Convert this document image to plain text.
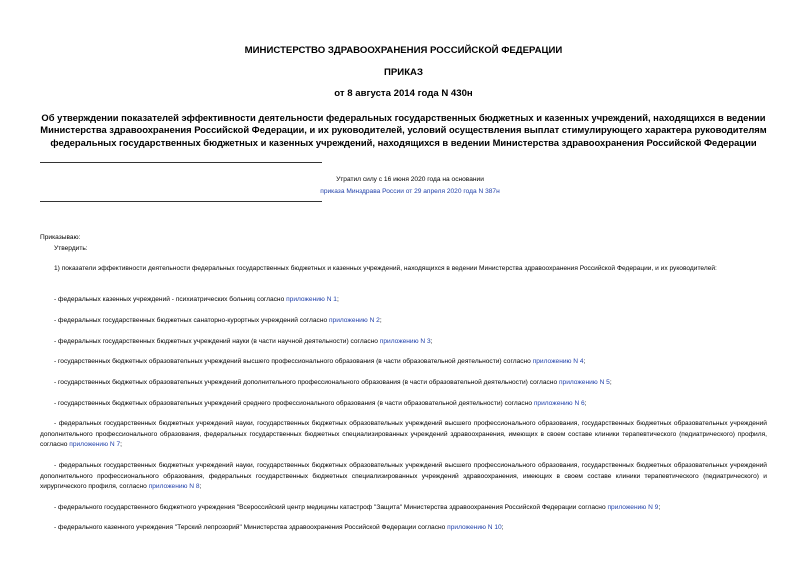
МИНИСТЕРСТВО ЗДРАВООХРАНЕНИЯ РОССИЙСКОЙ ФЕДЕРАЦИИ
ПРИКАЗ
от 8 августа 2014 года N 430н
Об утверждении показателей эффективности деятельности федеральных государственных бюджетных и казенных учреждений, находящихся в ведении Министерства здравоохранения Российской Федерации, и их руководителей, условий осуществления выплат стимулирующего характера руководителям федеральных государственных бюджетных и казенных учреждений, находящихся в ведении Министерства здравоохранения Российской Федерации
Утратил силу с 16 июня 2020 года на основании
приказа Минздрава России от 29 апреля 2020 года N 387н
Приказываю:
Утвердить:
1) показатели эффективности деятельности федеральных государственных бюджетных и казенных учреждений, находящихся в ведении Министерства здравоохранения Российской Федерации, и их руководителей:
- федеральных казенных учреждений - психиатрических больниц согласно приложению N 1;
- федеральных государственных бюджетных санаторно-курортных учреждений согласно приложению N 2;
- федеральных государственных бюджетных учреждений науки (в части научной деятельности) согласно приложению N 3;
- государственных бюджетных образовательных учреждений высшего профессионального образования (в части образовательной деятельности) согласно приложению N 4;
- государственных бюджетных образовательных учреждений дополнительного профессионального образования (в части образовательной деятельности) согласно приложению N 5;
- государственных бюджетных образовательных учреждений среднего профессионального образования (в части образовательной деятельности) согласно приложению N 6;
- федеральных государственных бюджетных учреждений науки, государственных бюджетных образовательных учреждений высшего профессионального образования, государственных бюджетных образовательных учреждений дополнительного профессионального образования, федеральных государственных бюджетных специализированных учреждений здравоохранения, имеющих в своем составе клиники терапевтического (педиатрического) профиля, согласно приложению N 7;
- федеральных государственных бюджетных учреждений науки, государственных бюджетных образовательных учреждений высшего профессионального образования, государственных бюджетных образовательных учреждений дополнительного профессионального образования, федеральных государственных бюджетных специализированных учреждений здравоохранения, имеющих в своем составе клиники терапевтического (педиатрического) и хирургического профиля, согласно приложению N 8;
- федерального государственного бюджетного учреждения "Всероссийский центр медицины катастроф "Защита" Министерства здравоохранения Российской Федерации согласно приложению N 9;
- федерального казенного учреждения "Терский лепрозорий" Министерства здравоохранения Российской Федерации согласно приложению N 10;
